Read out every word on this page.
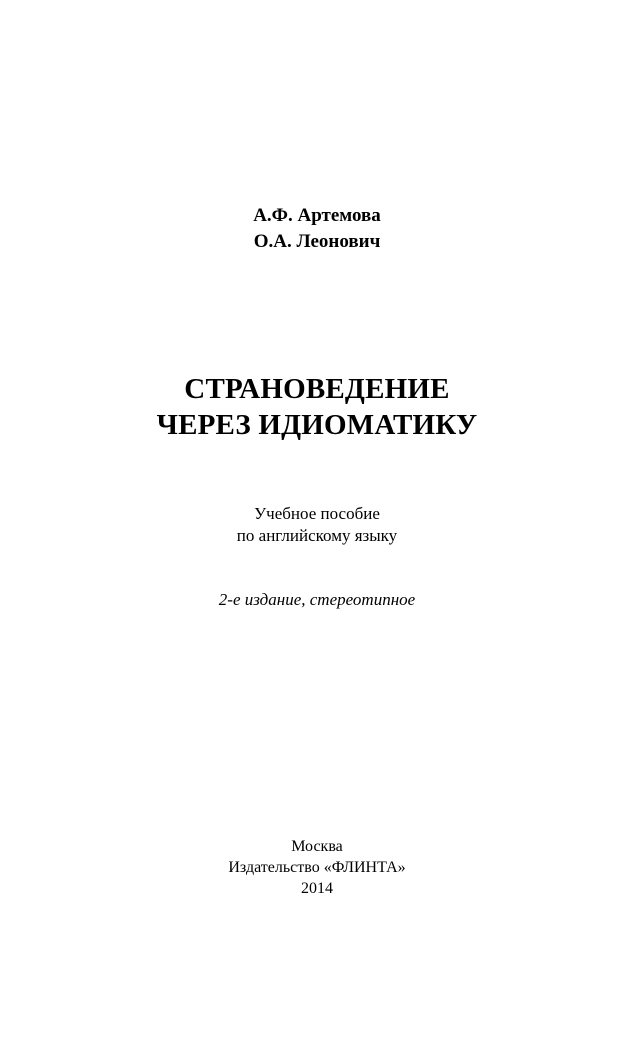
А.Ф. Артемова
О.А. Леонович
СТРАНОВЕДЕНИЕ
ЧЕРЕЗ ИДИОМАТИКУ
Учебное пособие
по английскому языку
2-е издание, стереотипное
Москва
Издательство «ФЛИНТА»
2014
